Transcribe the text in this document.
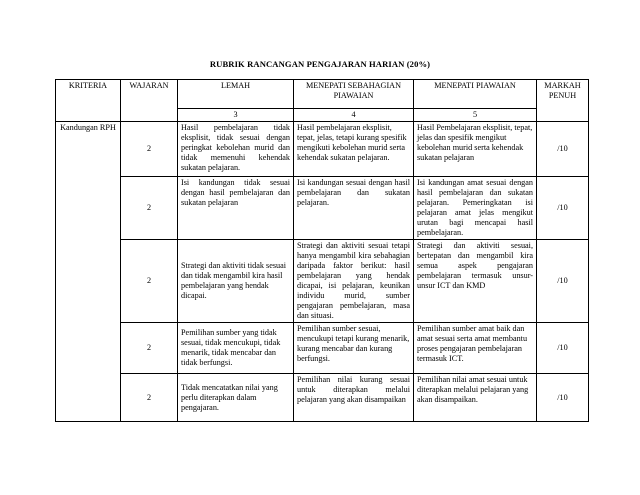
RUBRIK RANCANGAN PENGAJARAN HARIAN (20%)
KRITERIA	WAJARAN	LEMAH	MENEPATI SEBAHAGIAN PIAWAIAN	MENEPATI PIAWAIAN	MARKAH PENUH
		3	4	5	
Kandungan RPH	2	Hasil pembelajaran tidak eksplisit, tidak sesuai dengan peringkat kebolehan murid dan tidak memenuhi kehendak sukatan pelajaran.	Hasil pembelajaran eksplisit, tepat, jelas, tetapi kurang spesifik mengikuti kebolehan murid serta kehendak sukatan pelajaran.	Hasil Pembelajaran eksplisit, tepat, jelas dan spesifik mengikut kebolehan murid serta kehendak sukatan pelajaran	/10
	2	Isi kandungan tidak sesuai dengan hasil pembelajaran dan sukatan pelajaran	Isi kandungan sesuai dengan hasil pembelajaran dan sukatan pelajaran.	Isi kandungan amat sesuai dengan hasil pembelajaran dan sukatan pelajaran. Pemeringkatan isi pelajaran amat jelas mengikut urutan bagi mencapai hasil pembelajaran.	/10
	2	Strategi dan aktiviti tidak sesuai dan tidak mengambil kira hasil pembelajaran yang hendak dicapai.	Strategi dan aktiviti sesuai tetapi hanya mengambil kira sebahagian daripada faktor berikut: hasil pembelajaran yang hendak dicapai, isi pelajaran, keunikan individu murid, sumber pengajaran pembelajaran, masa dan situasi.	Strategi dan aktiviti sesuai, bertepatan dan mengambil kira semua aspek pengajaran pembelajaran termasuk unsur-unsur ICT dan KMD	/10
	2	Pemilihan sumber yang tidak sesuai, tidak mencukupi, tidak menarik, tidak mencabar dan tidak berfungsi.	Pemilihan sumber sesuai, mencukupi tetapi kurang menarik, kurang mencabar dan kurang berfungsi.	Pemilihan sumber amat baik dan amat sesuai serta amat membantu proses pengajaran pembelajaran termasuk ICT.	/10
	2	Tidak mencatatkan nilai yang perlu diterapkan dalam pengajaran.	Pemilihan nilai kurang sesuai untuk diterapkan melalui pelajaran yang akan disampaikan	Pemilihan nilai amat sesuai untuk diterapkan melalui pelajaran yang akan disampaikan.	/10
